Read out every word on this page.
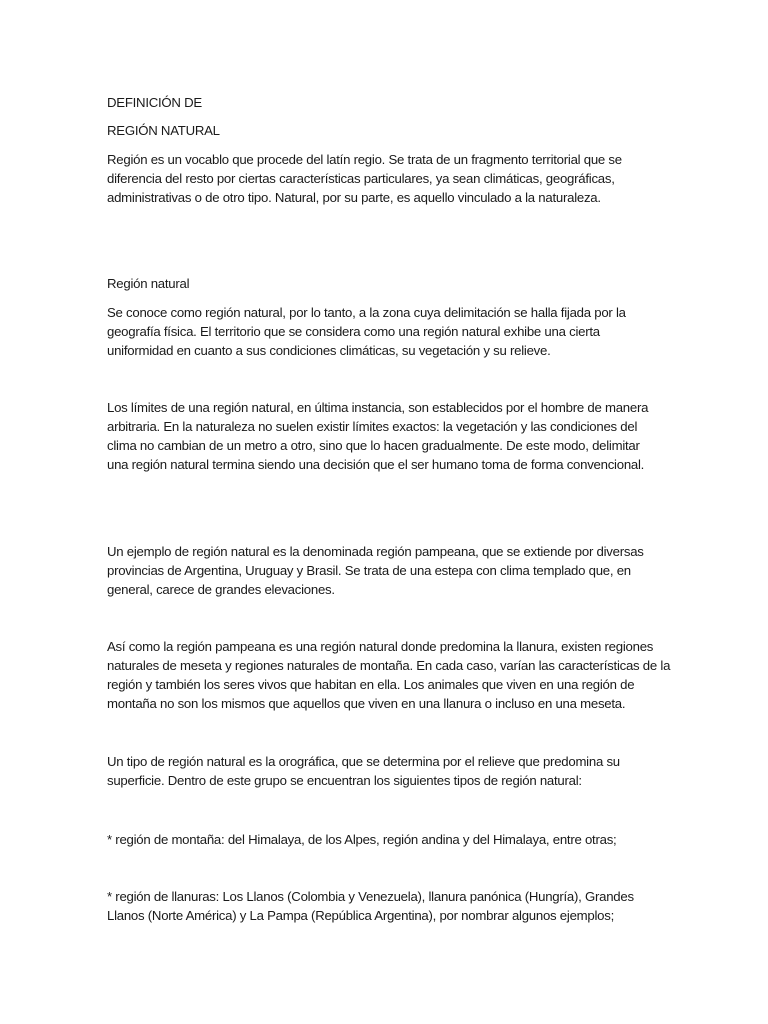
DEFINICIÓN DE

REGIÓN NATURAL

Región es un vocablo que procede del latín regio. Se trata de un fragmento territorial que se

diferencia del resto por ciertas características particulares, ya sean climáticas, geográficas,

administrativas o de otro tipo. Natural, por su parte, es aquello vinculado a la naturaleza.

Región natural

Se conoce como región natural, por lo tanto, a la zona cuya delimitación se halla fijada por la

geografía física. El territorio que se considera como una región natural exhibe una cierta

uniformidad en cuanto a sus condiciones climáticas, su vegetación y su relieve.

Los límites de una región natural, en última instancia, son establecidos por el hombre de manera

arbitraria. En la naturaleza no suelen existir límites exactos: la vegetación y las condiciones del

clima no cambian de un metro a otro, sino que lo hacen gradualmente. De este modo, delimitar

una región natural termina siendo una decisión que el ser humano toma de forma convencional.

Un ejemplo de región natural es la denominada región pampeana, que se extiende por diversas

provincias de Argentina, Uruguay y Brasil. Se trata de una estepa con clima templado que, en

general, carece de grandes elevaciones.

Así como la región pampeana es una región natural donde predomina la llanura, existen regiones

naturales de meseta y regiones naturales de montaña. En cada caso, varían las características de la

región y también los seres vivos que habitan en ella. Los animales que viven en una región de

montaña no son los mismos que aquellos que viven en una llanura o incluso en una meseta.

Un tipo de región natural es la orográfica, que se determina por el relieve que predomina su

superficie. Dentro de este grupo se encuentran los siguientes tipos de región natural:

* región de montaña: del Himalaya, de los Alpes, región andina y del Himalaya, entre otras;

* región de llanuras: Los Llanos (Colombia y Venezuela), llanura panónica (Hungría), Grandes

Llanos (Norte América) y La Pampa (República Argentina), por nombrar algunos ejemplos;
